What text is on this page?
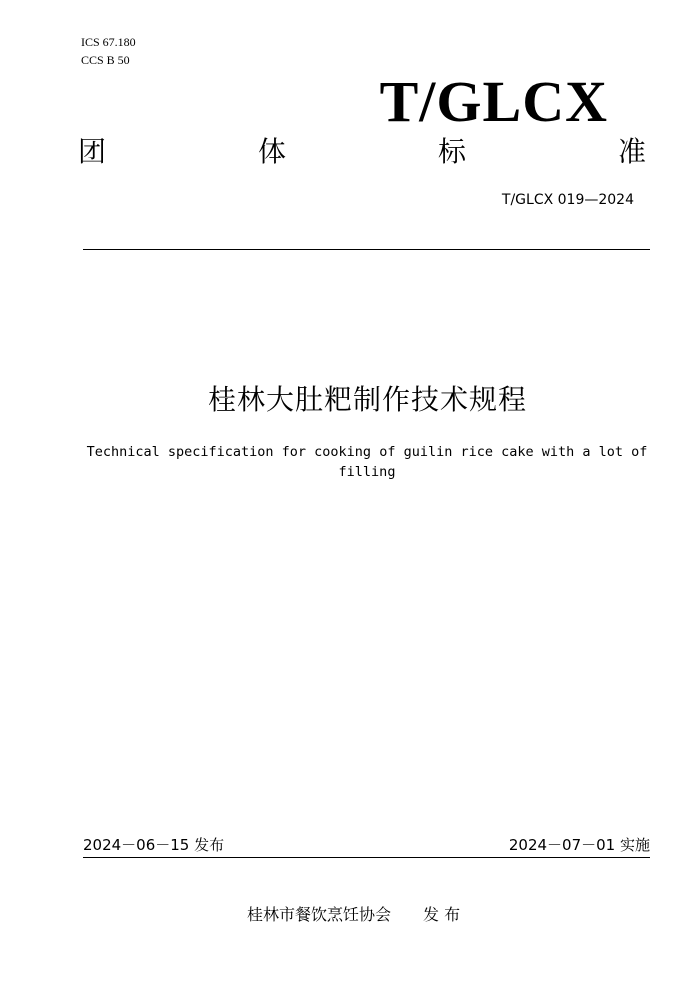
ICS 67.180
CCS B 50
T/GLCX
团	体	标	准
T/GLCX 019—2024
桂林大肚粑制作技术规程
Technical specification for cooking of guilin rice cake with a lot of filling
2024－06－15 发布	2024－07－01 实施
桂林市餐饮烹饪协会 发 布
